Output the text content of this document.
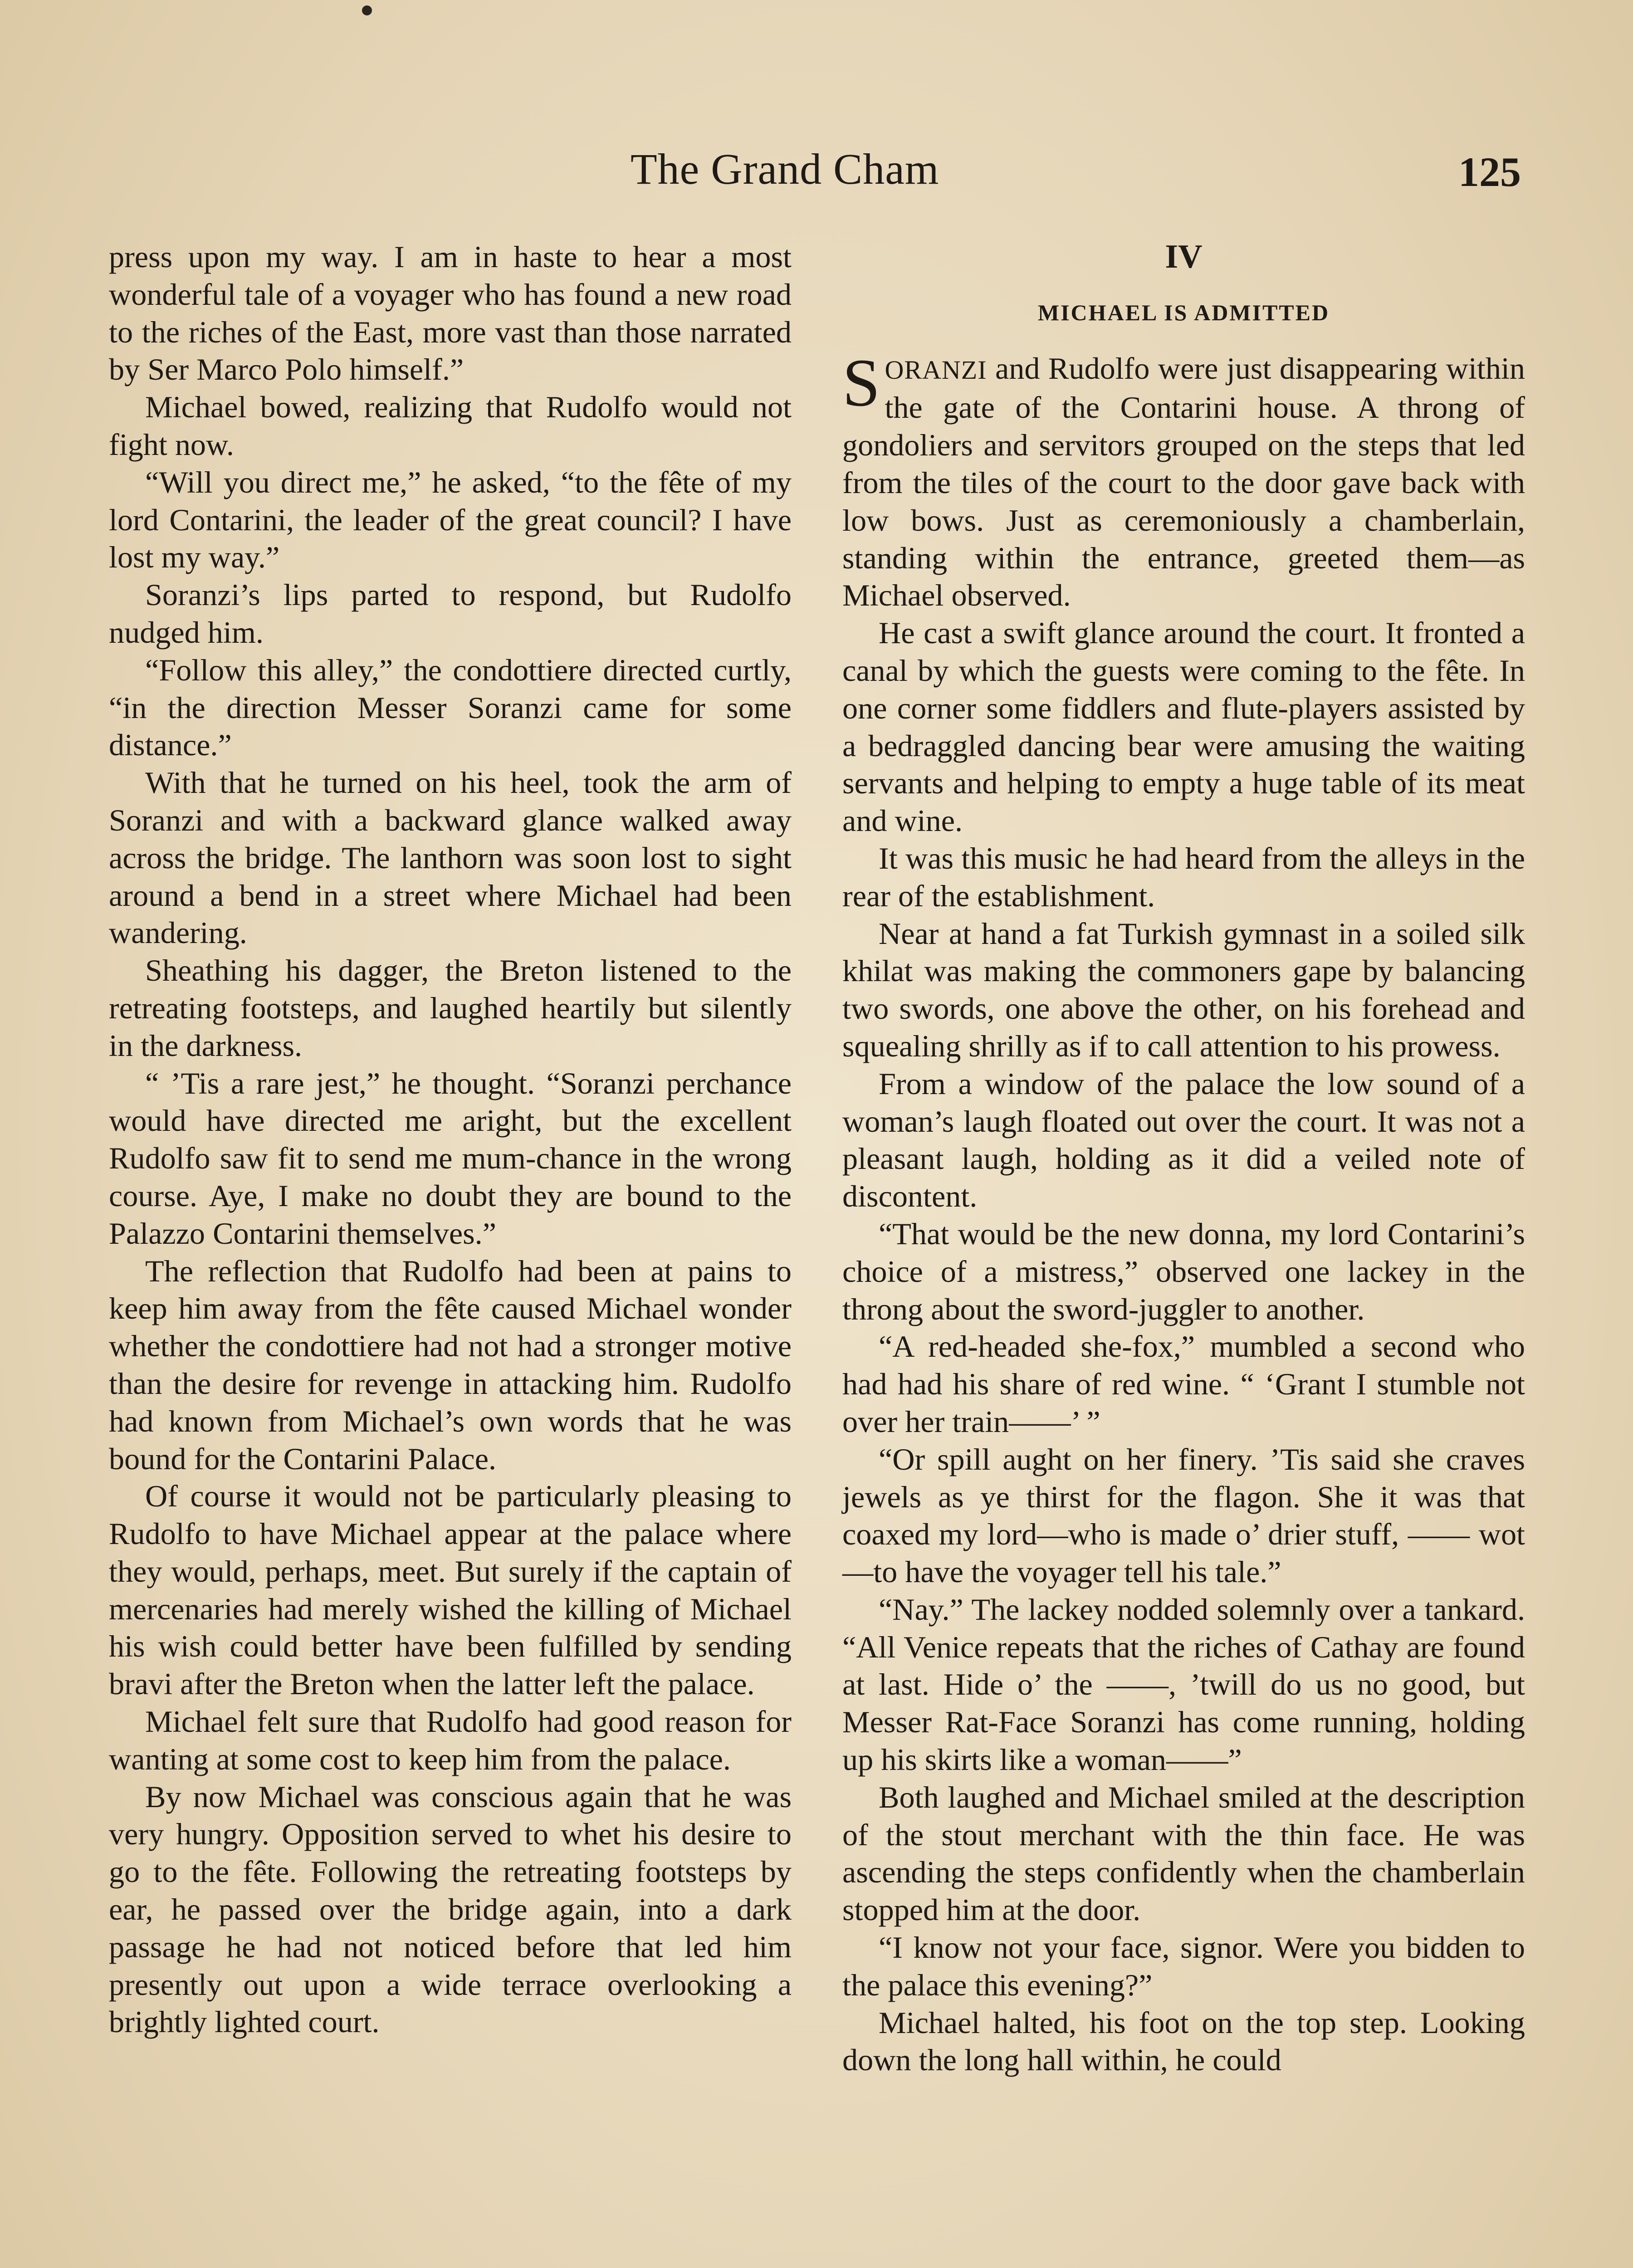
The Grand Cham	125

press upon my way. I am in haste to hear a most wonderful tale of a voyager who has found a new road to the riches of the East, more vast than those narrated by Ser Marco Polo himself.”

Michael bowed, realizing that Rudolfo would not fight now.

“Will you direct me,” he asked, “to the fête of my lord Contarini, the leader of the great council? I have lost my way.”

Soranzi’s lips parted to respond, but Rudolfo nudged him.

“Follow this alley,” the condottiere directed curtly, “in the direction Messer Soranzi came for some distance.”

With that he turned on his heel, took the arm of Soranzi and with a backward glance walked away across the bridge. The lanthorn was soon lost to sight around a bend in a street where Michael had been wandering.

Sheathing his dagger, the Breton listened to the retreating footsteps, and laughed heartily but silently in the darkness.

“ ’Tis a rare jest,” he thought. “Soranzi perchance would have directed me aright, but the excellent Rudolfo saw fit to send me mum-chance in the wrong course. Aye, I make no doubt they are bound to the Palazzo Contarini themselves.”

The reflection that Rudolfo had been at pains to keep him away from the fête caused Michael wonder whether the condottiere had not had a stronger motive than the desire for revenge in attacking him. Rudolfo had known from Michael’s own words that he was bound for the Contarini Palace.

Of course it would not be particularly pleasing to Rudolfo to have Michael appear at the palace where they would, perhaps, meet. But surely if the captain of mercenaries had merely wished the killing of Michael his wish could better have been fulfilled by sending bravi after the Breton when the latter left the palace.

Michael felt sure that Rudolfo had good reason for wanting at some cost to keep him from the palace.

By now Michael was conscious again that he was very hungry. Opposition served to whet his desire to go to the fête. Following the retreating footsteps by ear, he passed over the bridge again, into a dark passage he had not noticed before that led him presently out upon a wide terrace overlooking a brightly lighted court.

IV
MICHAEL IS ADMITTED

SORANZI and Rudolfo were just disappearing within the gate of the Contarini house. A throng of gondoliers and servitors grouped on the steps that led from the tiles of the court to the door gave back with low bows. Just as ceremoniously a chamberlain, standing within the entrance, greeted them—as Michael observed.

He cast a swift glance around the court. It fronted a canal by which the guests were coming to the fête. In one corner some fiddlers and flute-players assisted by a bedraggled dancing bear were amusing the waiting servants and helping to empty a huge table of its meat and wine.

It was this music he had heard from the alleys in the rear of the establishment.

Near at hand a fat Turkish gymnast in a soiled silk khilat was making the commoners gape by balancing two swords, one above the other, on his forehead and squealing shrilly as if to call attention to his prowess.

From a window of the palace the low sound of a woman’s laugh floated out over the court. It was not a pleasant laugh, holding as it did a veiled note of discontent.

“That would be the new donna, my lord Contarini’s choice of a mistress,” observed one lackey in the throng about the sword-juggler to another.

“A red-headed she-fox,” mumbled a second who had had his share of red wine. “ ‘Grant I stumble not over her train——’ ”

“Or spill aught on her finery. ’Tis said she craves jewels as ye thirst for the flagon. She it was that coaxed my lord—who is made o’ drier stuff, —— wot—to have the voyager tell his tale.”

“Nay.” The lackey nodded solemnly over a tankard. “All Venice repeats that the riches of Cathay are found at last. Hide o’ the ——, ’twill do us no good, but Messer Rat-Face Soranzi has come running, holding up his skirts like a woman——”

Both laughed and Michael smiled at the description of the stout merchant with the thin face. He was ascending the steps confidently when the chamberlain stopped him at the door.

“I know not your face, signor. Were you bidden to the palace this evening?”

Michael halted, his foot on the top step. Looking down the long hall within, he could
